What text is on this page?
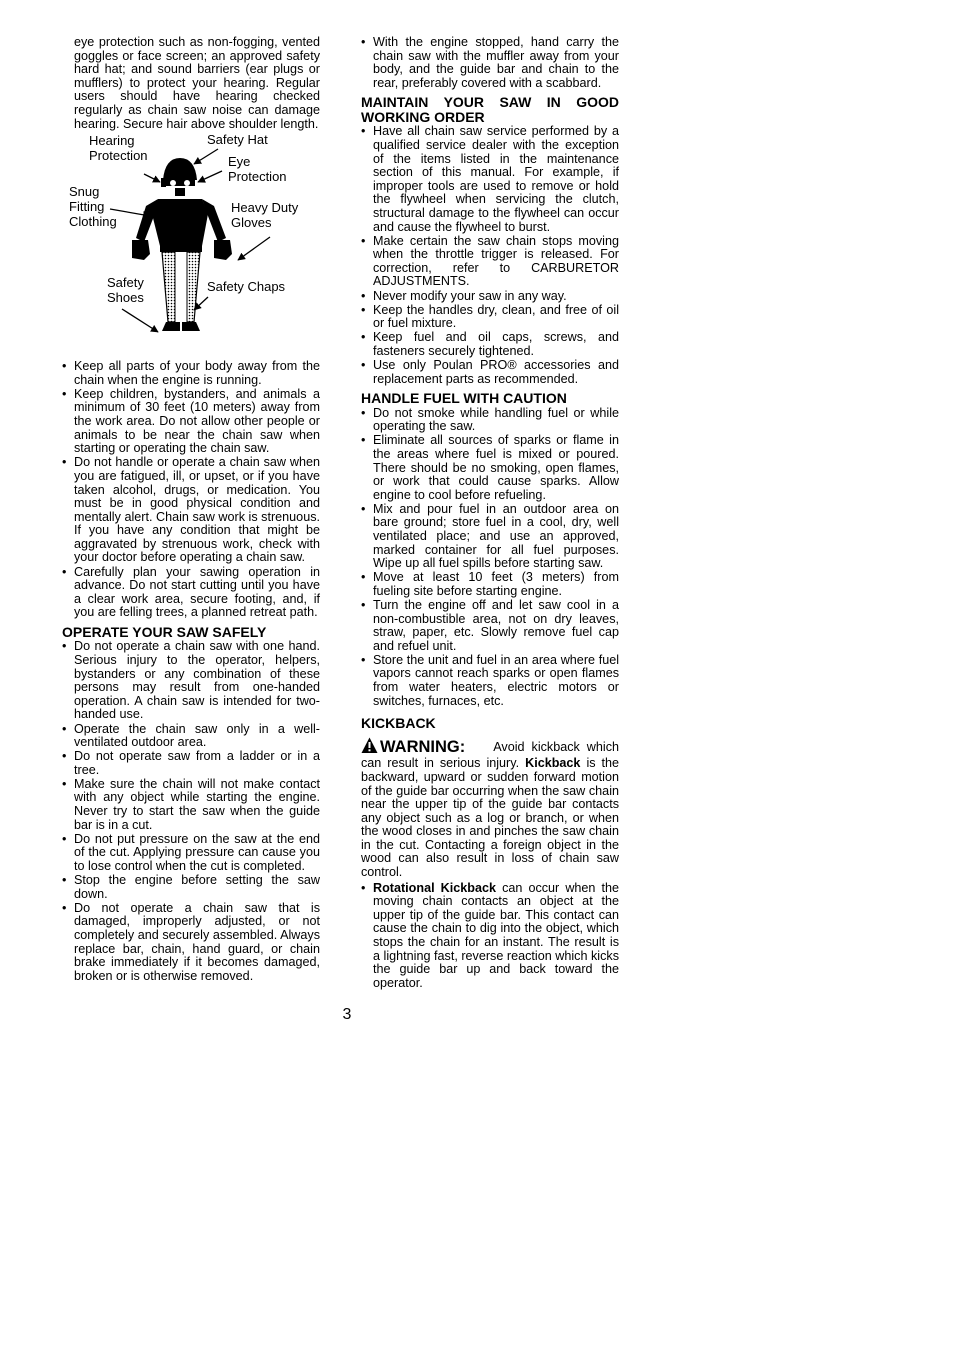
eye protection such as non-fogging, vented goggles or face screen; an approved safety hard hat; and sound barriers (ear plugs or mufflers) to protect your hearing. Regular users should have hearing checked regularly as chain saw noise can damage hearing. Secure hair above shoulder length.

Hearing
Protection
Safety Hat
Eye
Protection
Snug
Fitting
Clothing
Heavy Duty
Gloves
Safety
Shoes
Safety Chaps
• Keep all parts of your body away from the chain when the engine is running.
• Keep children, bystanders, and animals a minimum of 30 feet (10 meters) away from the work area. Do not allow other people or animals to be near the chain saw when starting or operating the chain saw.
• Do not handle or operate a chain saw when you are fatigued, ill, or upset, or if you have taken alcohol, drugs, or medication. You must be in good physical condition and mentally alert. Chain saw work is strenuous. If you have any condition that might be aggravated by strenuous work, check with your doctor before operating a chain saw.
• Carefully plan your sawing operation in advance. Do not start cutting until you have a clear work area, secure footing, and, if you are felling trees, a planned retreat path.
OPERATE YOUR SAW SAFELY
• Do not operate a chain saw with one hand. Serious injury to the operator, helpers, bystanders or any combination of these persons may result from one-handed operation. A chain saw is intended for two-handed use.
• Operate the chain saw only in a well-ventilated outdoor area.
• Do not operate saw from a ladder or in a tree.
• Make sure the chain will not make contact with any object while starting the engine. Never try to start the saw when the guide bar is in a cut.
• Do not put pressure on the saw at the end of the cut. Applying pressure can cause you to lose control when the cut is completed.
• Stop the engine before setting the saw down.
• Do not operate a chain saw that is damaged, improperly adjusted, or not completely and securely assembled. Always replace bar, chain, hand guard, or chain brake immediately if it becomes damaged, broken or is otherwise removed.
• With the engine stopped, hand carry the chain saw with the muffler away from your body, and the guide bar and chain to the rear, preferably covered with a scabbard.
MAINTAIN YOUR SAW IN GOOD WORKING ORDER
• Have all chain saw service performed by a qualified service dealer with the exception of the items listed in the maintenance section of this manual. For example, if improper tools are used to remove or hold the flywheel when servicing the clutch, structural damage to the flywheel can occur and cause the flywheel to burst.
• Make certain the saw chain stops moving when the throttle trigger is released. For correction, refer to CARBURETOR ADJUSTMENTS.
• Never modify your saw in any way.
• Keep the handles dry, clean, and free of oil or fuel mixture.
• Keep fuel and oil caps, screws, and fasteners securely tightened.
• Use only Poulan PRO® accessories and replacement parts as recommended.
HANDLE FUEL WITH CAUTION
• Do not smoke while handling fuel or while operating the saw.
• Eliminate all sources of sparks or flame in the areas where fuel is mixed or poured. There should be no smoking, open flames, or work that could cause sparks. Allow engine to cool before refueling.
• Mix and pour fuel in an outdoor area on bare ground; store fuel in a cool, dry, well ventilated place; and use an approved, marked container for all fuel purposes. Wipe up all fuel spills before starting saw.
• Move at least 10 feet (3 meters) from fueling site before starting engine.
• Turn the engine off and let saw cool in a non-combustible area, not on dry leaves, straw, paper, etc. Slowly remove fuel cap and refuel unit.
• Store the unit and fuel in an area where fuel vapors cannot reach sparks or open flames from water heaters, electric motors or switches, furnaces, etc.
KICKBACK

WARNING: Avoid kickback which can result in serious injury. Kickback is the backward, upward or sudden forward motion of the guide bar occurring when the saw chain near the upper tip of the guide bar contacts any object such as a log or branch, or when the wood closes in and pinches the saw chain in the cut. Contacting a foreign object in the wood can also result in loss of chain saw control.

• Rotational Kickback can occur when the moving chain contacts an object at the upper tip of the guide bar. This contact can cause the chain to dig into the object, which stops the chain for an instant. The result is a lightning fast, reverse reaction which kicks the guide bar up and back toward the operator.
3
